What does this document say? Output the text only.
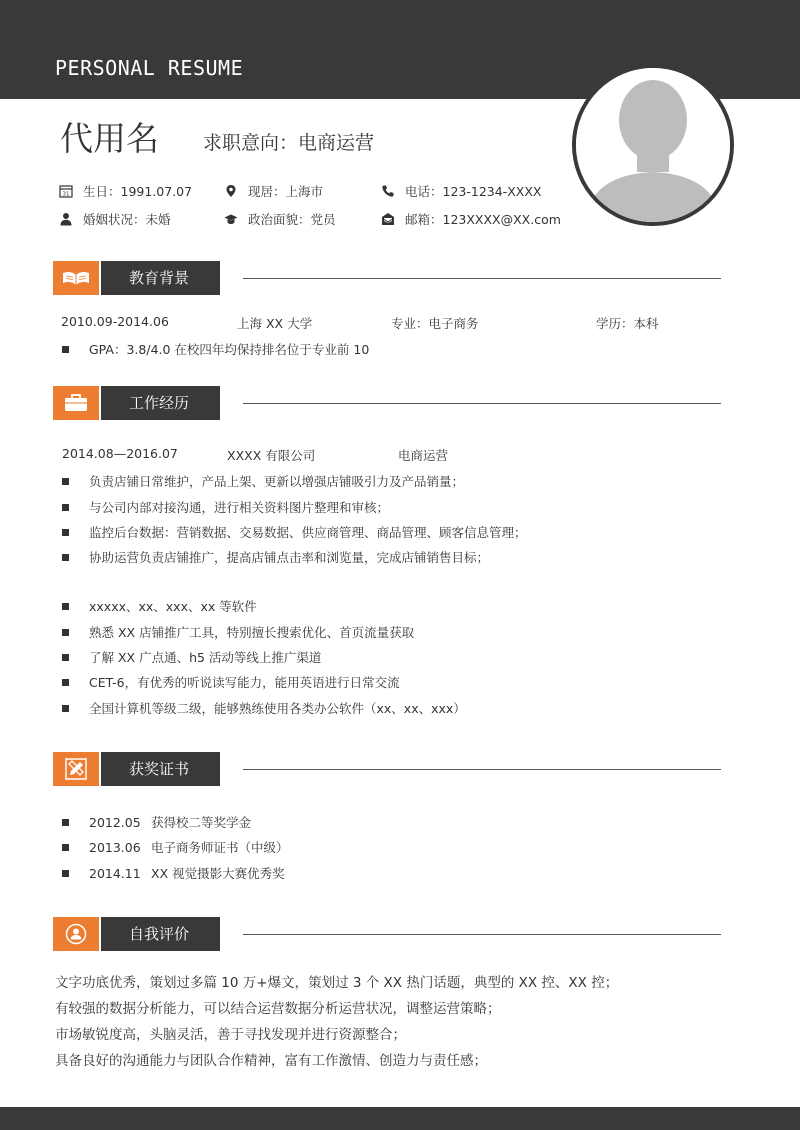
PERSONAL RESUME
代用名 求职意向：电商运营
31 生日：1991.07.07	现居：上海市	电话：123-1234-XXXX
婚姻状况：未婚	政治面貌：党员	邮箱：123XXXX@XX.com
教育背景
2010.09-2014.06	上海 XX 大学	专业：电子商务	学历：本科
GPA：3.8/4.0 在校四年均保持排名位于专业前 10
工作经历
2014.08—2016.07	XXXX 有限公司	电商运营
负责店铺日常维护，产品上架、更新以增强店铺吸引力及产品销量；
与公司内部对接沟通，进行相关资料图片整理和审核；
监控后台数据：营销数据、交易数据、供应商管理、商品管理、顾客信息管理；
协助运营负责店铺推广，提高店铺点击率和浏览量，完成店铺销售目标；
xxxxx、xx、xxx、xx 等软件
熟悉 XX 店铺推广工具，特别擅长搜索优化、首页流量获取
了解 XX 广点通、h5 活动等线上推广渠道
CET-6，有优秀的听说读写能力，能用英语进行日常交流
全国计算机等级二级，能够熟练使用各类办公软件（xx、xx、xxx）
获奖证书
2012.05 获得校二等奖学金
2013.06 电子商务师证书（中级）
2014.11 XX 视觉摄影大赛优秀奖
自我评价
文字功底优秀，策划过多篇 10 万+爆文，策划过 3 个 XX 热门话题，典型的 XX 控、XX 控；
有较强的数据分析能力，可以结合运营数据分析运营状况，调整运营策略；
市场敏锐度高，头脑灵活，善于寻找发现并进行资源整合；
具备良好的沟通能力与团队合作精神，富有工作激情、创造力与责任感；
